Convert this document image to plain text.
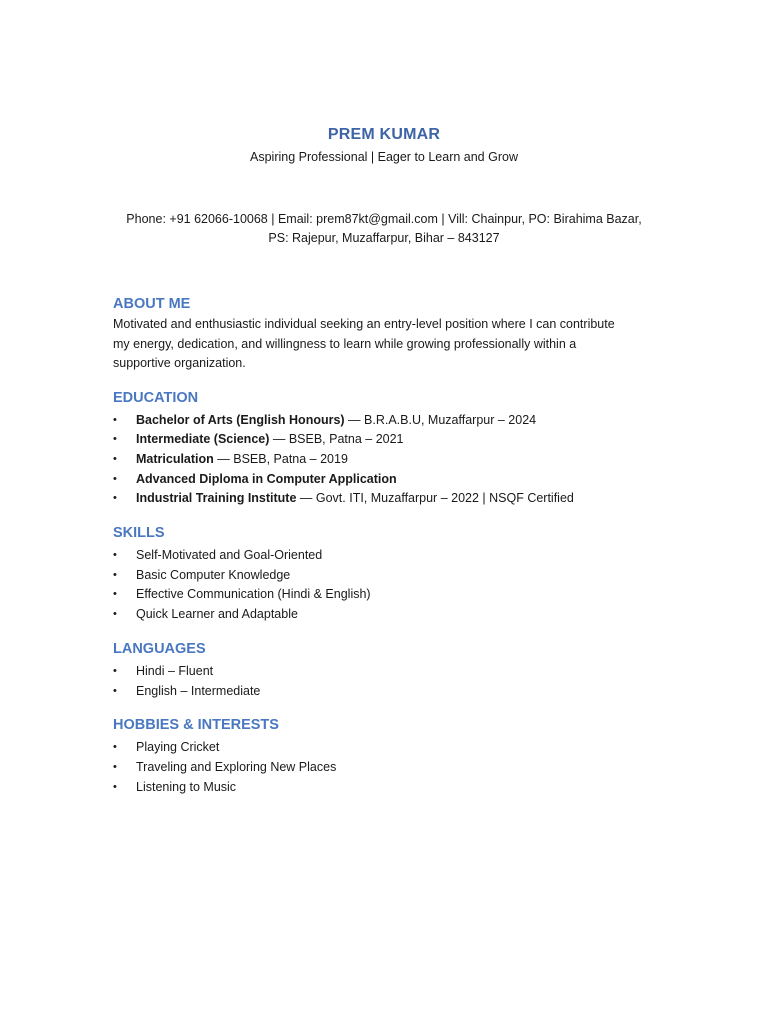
PREM KUMAR
Aspiring Professional | Eager to Learn and Grow
Phone: +91 62066-10068 | Email: prem87kt@gmail.com | Vill: Chainpur, PO: Birahima Bazar, PS: Rajepur, Muzaffarpur, Bihar – 843127
ABOUT ME
Motivated and enthusiastic individual seeking an entry-level position where I can contribute my energy, dedication, and willingness to learn while growing professionally within a supportive organization.
EDUCATION
• Bachelor of Arts (English Honours) — B.R.A.B.U, Muzaffarpur – 2024
• Intermediate (Science) — BSEB, Patna – 2021
• Matriculation — BSEB, Patna – 2019
• Advanced Diploma in Computer Application
• Industrial Training Institute — Govt. ITI, Muzaffarpur – 2022 | NSQF Certified
SKILLS
• Self-Motivated and Goal-Oriented
• Basic Computer Knowledge
• Effective Communication (Hindi & English)
• Quick Learner and Adaptable
LANGUAGES
• Hindi – Fluent
• English – Intermediate
HOBBIES & INTERESTS
• Playing Cricket
• Traveling and Exploring New Places
• Listening to Music
